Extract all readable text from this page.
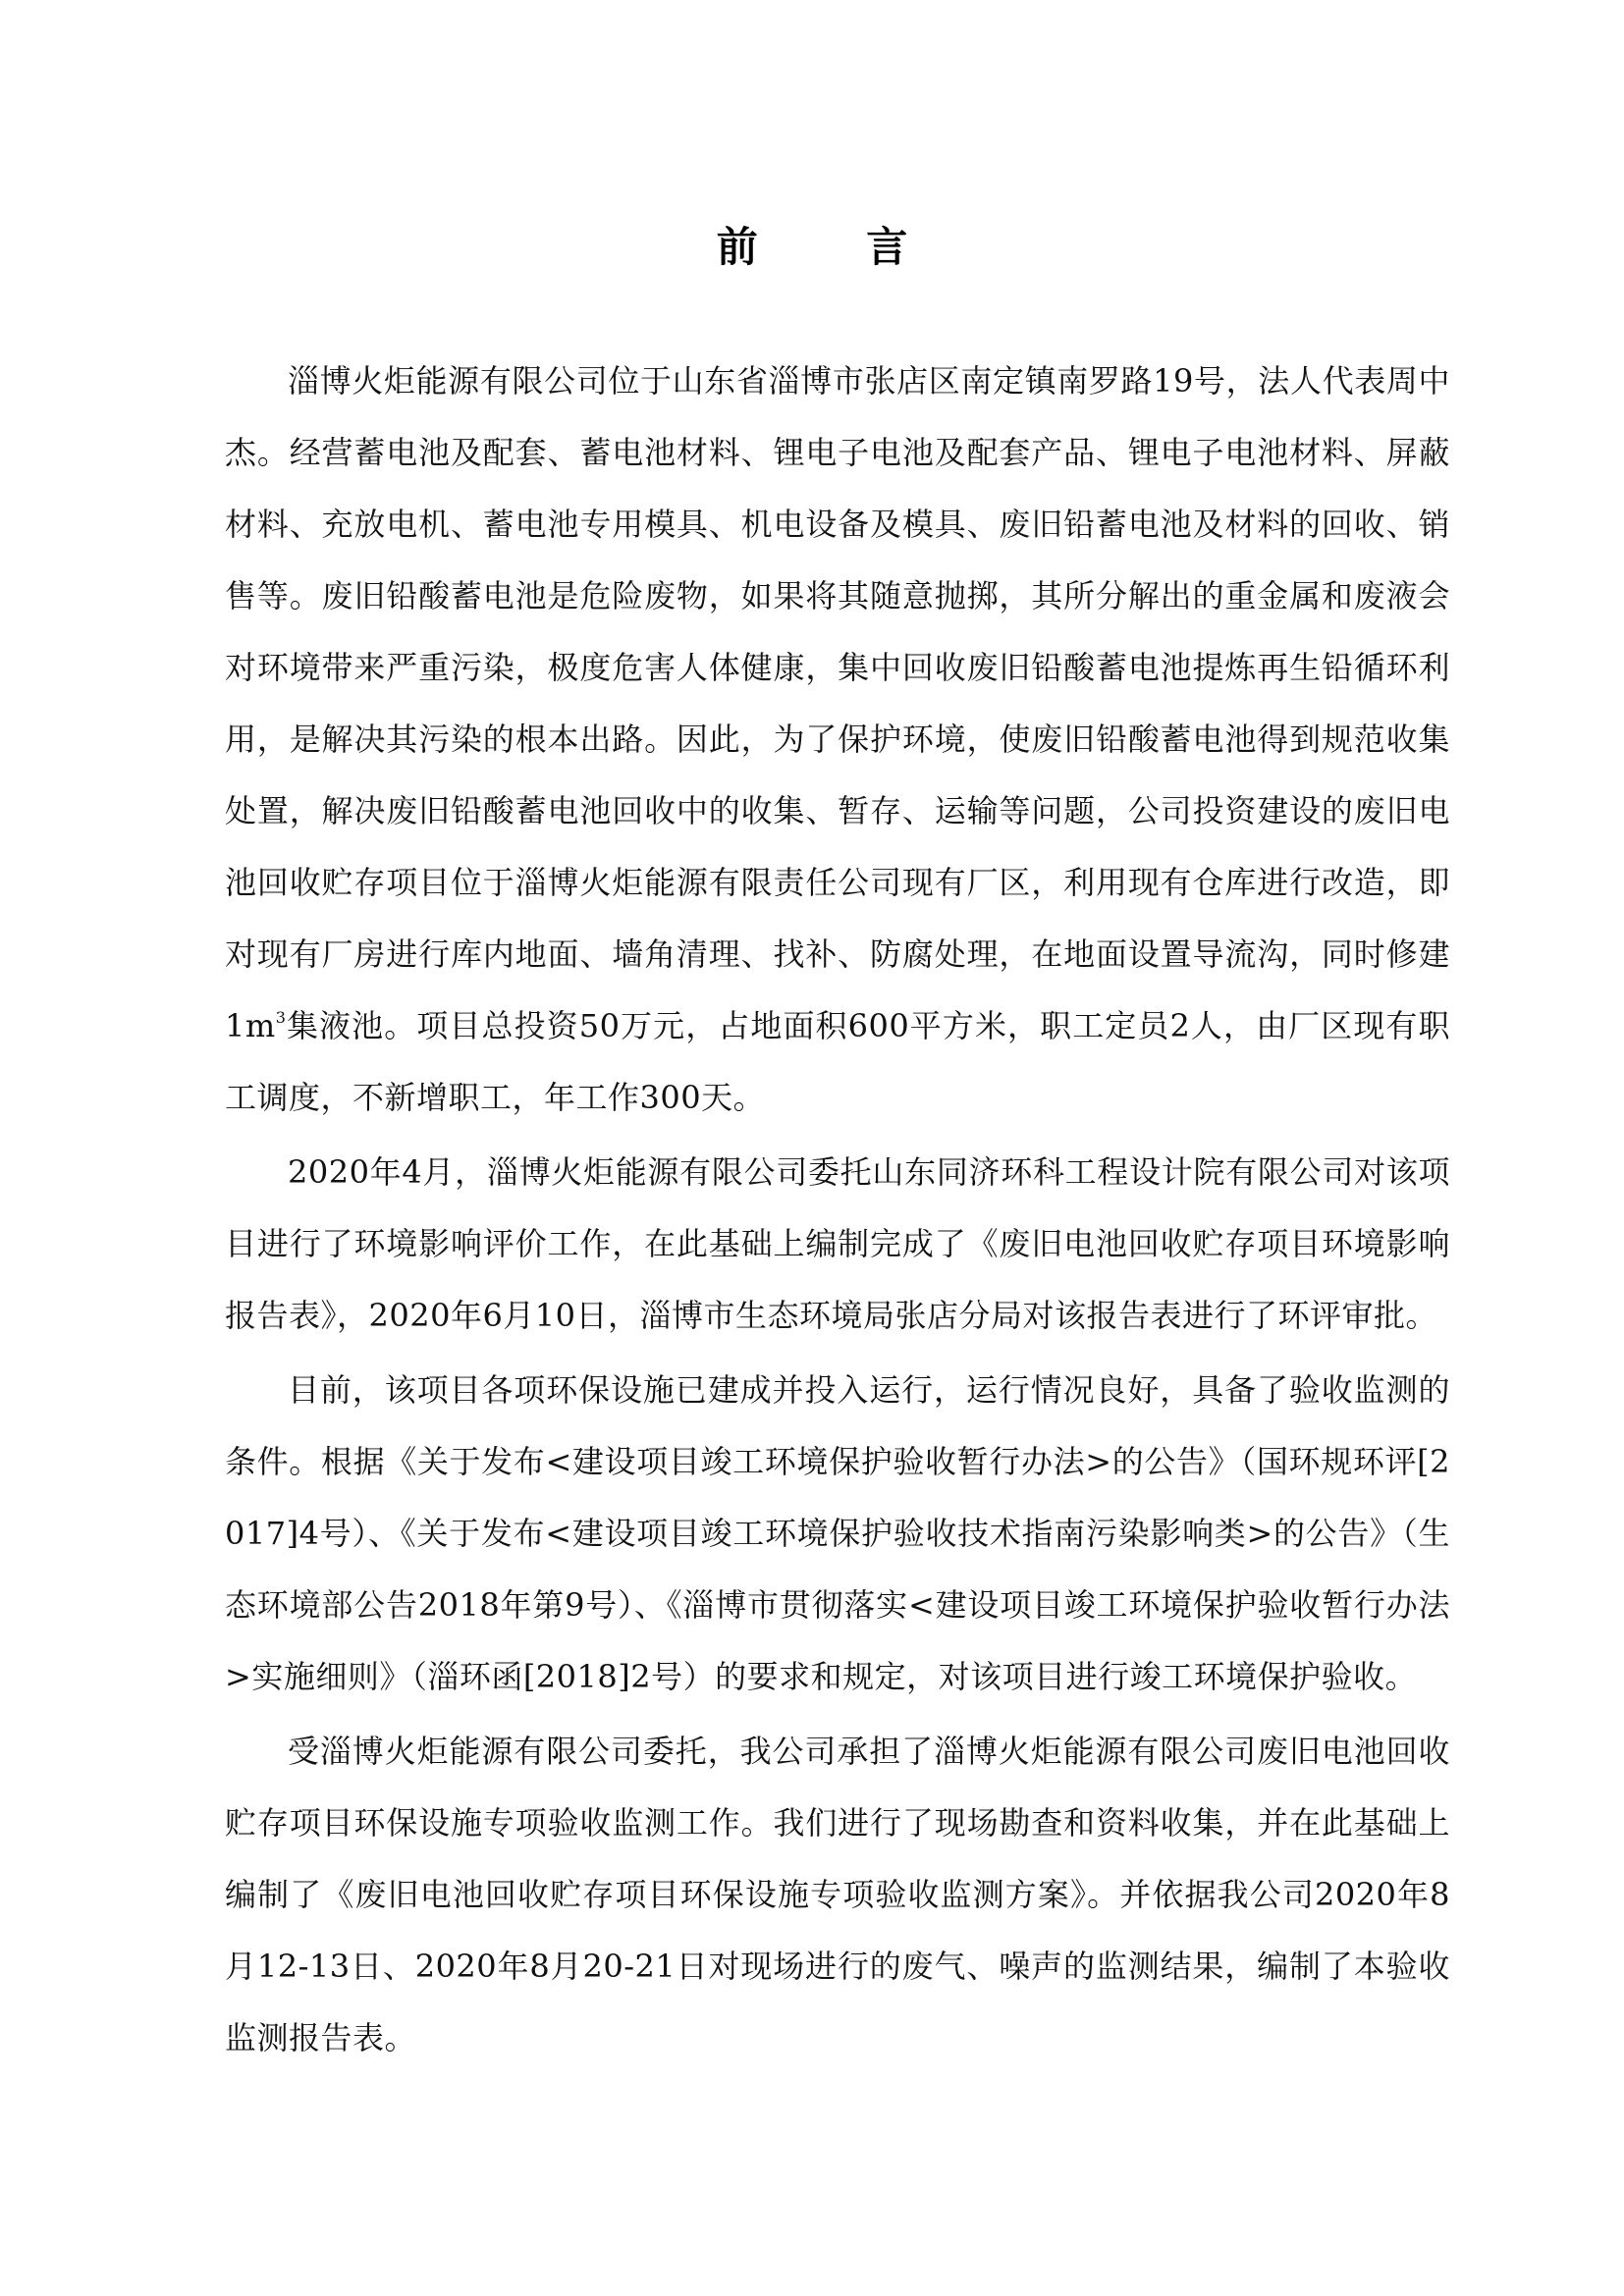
前 言

淄博火炬能源有限公司位于山东省淄博市张店区南定镇南罗路19号，法人代表周中杰。经营蓄电池及配套、蓄电池材料、锂电子电池及配套产品、锂电子电池材料、屏蔽材料、充放电机、蓄电池专用模具、机电设备及模具、废旧铅蓄电池及材料的回收、销售等。废旧铅酸蓄电池是危险废物，如果将其随意抛掷，其所分解出的重金属和废液会对环境带来严重污染，极度危害人体健康，集中回收废旧铅酸蓄电池提炼再生铅循环利用，是解决其污染的根本出路。因此，为了保护环境，使废旧铅酸蓄电池得到规范收集处置，解决废旧铅酸蓄电池回收中的收集、暂存、运输等问题，公司投资建设的废旧电池回收贮存项目位于淄博火炬能源有限责任公司现有厂区，利用现有仓库进行改造，即对现有厂房进行库内地面、墙角清理、找补、防腐处理，在地面设置导流沟，同时修建$1m^3$集液池。项目总投资50万元，占地面积600平方米，职工定员2人，由厂区现有职工调度，不新增职工，年工作300天。

2020年4月，淄博火炬能源有限公司委托山东同济环科工程设计院有限公司对该项目进行了环境影响评价工作，在此基础上编制完成了《废旧电池回收贮存项目环境影响报告表》，2020年6月10日，淄博市生态环境局张店分局对该报告表进行了环评审批。

目前，该项目各项环保设施已建成并投入运行，运行情况良好，具备了验收监测的条件。根据《关于发布<建设项目竣工环境保护验收暂行办法>的公告》（国环规环评[2017]4号）、《关于发布<建设项目竣工环境保护验收技术指南污染影响类>的公告》（生态环境部公告2018年第9号）、《淄博市贯彻落实<建设项目竣工环境保护验收暂行办法>实施细则》（淄环函[2018]2号）的要求和规定，对该项目进行竣工环境保护验收。

受淄博火炬能源有限公司委托，我公司承担了淄博火炬能源有限公司废旧电池回收贮存项目环保设施专项验收监测工作。我们进行了现场勘查和资料收集，并在此基础上编制了《废旧电池回收贮存项目环保设施专项验收监测方案》。并依据我公司2020年8月12-13日、2020年8月20-21日对现场进行的废气、噪声的监测结果，编制了本验收监测报告表。
